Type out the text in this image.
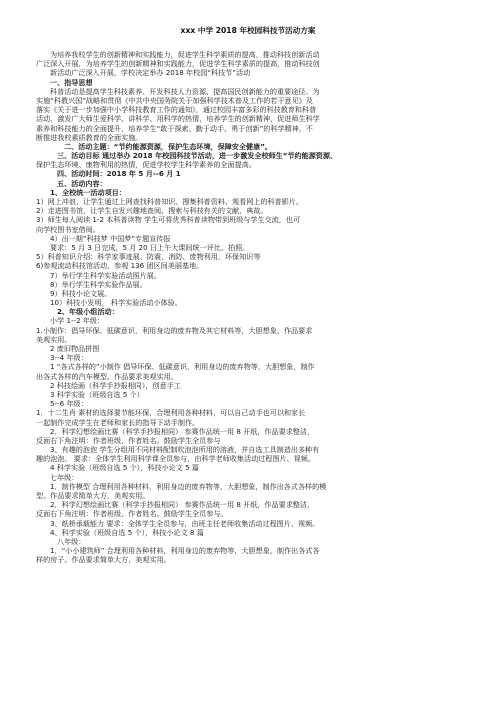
xxx 中学 2018 年校园科技节活动方案
为培养我校学生的创新精神和实践能力，促进学生科学素质的提高，推动科技创新活动
广泛深入开展，为培养学生的创新精神和实践能力，促进学生科学素质的提高，推动科技创
新活动广泛深入开展，学校决定举办 2018 年校园“科技节”活动
一、指导思想
科普活动是提高学生科技素养、开发科技人力资源、提高国民创新能力的重要途径。为
实施“科教兴国”战略和贯彻《中共中央国务院关于加强科学技术普及工作的若干意见》及
落实《关于进一步加强中小学科技教育工作的通知》，通过校园丰富多彩的科技教育和科普
活动，激发广大师生爱科学、讲科学、用科学的热情，培养学生的创新精神，促进师生科学
素养和科技能力的全面提升，培养学生“敢于探索、勤于动手、勇于创新”的科学精神，不
断推进我校素质教育的全面实施。
二、活动主题：“节约能源资源，保护生态环境，保障安全健康”。
三、活动目标 通过举办 2018 年校园科技节活动，进一步激发全校师生“节约能源资源、
保护生态环境、康物利用的热情，促进学校学生科学素养的全面提高。
四、活动时间：2018 年 5 月--6 月 1
五、活动内容：
1、全校统一活动项目：
1）网上冲浪，让学生通过上网查找科普知识、搜集科普资料、观看网上的科普影片。
2）走进图书馆，让学生自发兴趣地查阅、搜索与科技有关的文献、典故。
3）师生每人阅读 1-2 本科普读物 学生可将优秀科普读物带到班级与学生交流，也可
向学校图书室借阅。
4）出一期“科技梦 中国梦”专题宣传报
要求：5 月 3 日完成，5 月 20 日上午大课间统一评比、拍照。
5）科普知识介绍：科学家事迹展、防震、消防、废物利用，环保知识等
6)参观流动科技馆活动，参观 136 团区间美丽基地。
7）举行学生科学实验活动照片展。
8）举行学生科学实验作品展。
9）科技小论文展。
10）科技小发明， 科学实验活动小体验。
2、年级小组活动：
小学 1--2 年级：
1.小制作：倡导环保、低碳意识，利用身边的废弃物及其它材料等，大胆想象，作品要求
美观实用。
2 废旧物品拼图
3--4 年级：
1 “各式各样的”小制作 倡导环保、低碳意识，利用身边的废弃物等，大胆想象，制作
出各式各样的汽车模型。作品要求美观实用。
2 科技绘画（科学手抄报相同），创意手工
3 科学实验（班级自选 5 个）
5--6 年级：
1．十二生肖 素材的选择要节能环保，合理利用各种材料，可以自己动手也可以和家长
一起制作完成学生在老师和家长的指导下动手制作。
2．科学幻想绘画比赛（科学手抄报相同） 参赛作品统一用 8 开纸，作品要求整洁，
反面右下角注明：作者班级、作者姓名。鼓励学生全员参与
3、有趣的泡泡 学生分组用不同材料配制吹泡泡所用的溶液，并自选工具制造出多种有
趣的泡泡。 要求：全体学生利用科学课全员参与，由科学老师收集活动过程图片、视频。
4 科学实验（班级自选 5 个），科技小论文 5 篇
七年级：
1．制作模型 合理利用各种材料，利用身边的废弃物等，大胆想象，制作出各式各样的模
型。作品要求简单大方，美观实用。
2．科学幻想绘画比赛（科学手抄报相同） 参赛作品统一用 8 开纸，作品要求整洁，
反面右下角注明：作者班级、作者姓名。鼓励学生全员参与。
3、纸桥承载能力 要求：全体学生全员参与，由班主任老师收集活动过程图片、视频。
4、科学实验（班级自选 5 个），科技小论文 8 篇
八年级：
1．“小小建筑师” 合理利用各种材料，利用身边的废弃物等，大胆想象，制作出各式各
样的房子。作品要求简单大方，美观实用。
